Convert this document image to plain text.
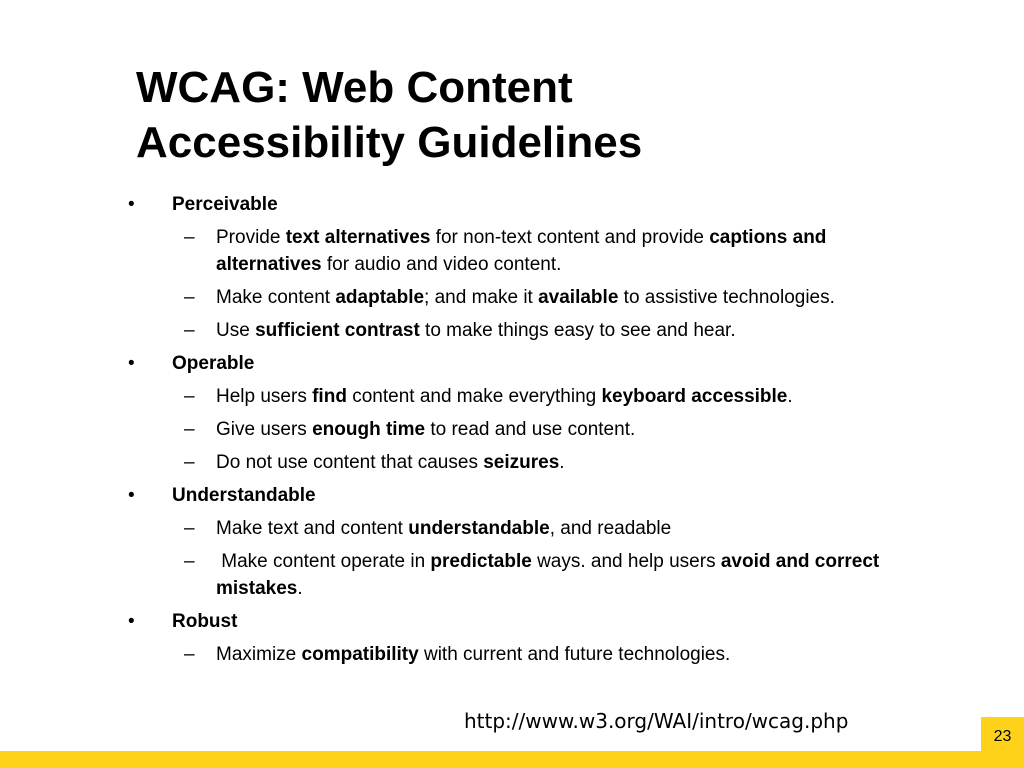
WCAG: Web Content
Accessibility Guidelines
• Perceivable
– Provide text alternatives for non-text content and provide captions and alternatives for audio and video content.
– Make content adaptable; and make it available to assistive technologies.
– Use sufficient contrast to make things easy to see and hear.
• Operable
– Help users find content and make everything keyboard accessible.
– Give users enough time to read and use content.
– Do not use content that causes seizures.
• Understandable
– Make text and content understandable, and readable
– Make content operate in predictable ways. and help users avoid and correct mistakes.
• Robust
– Maximize compatibility with current and future technologies.
http://www.w3.org/WAI/intro/wcag.php
23
